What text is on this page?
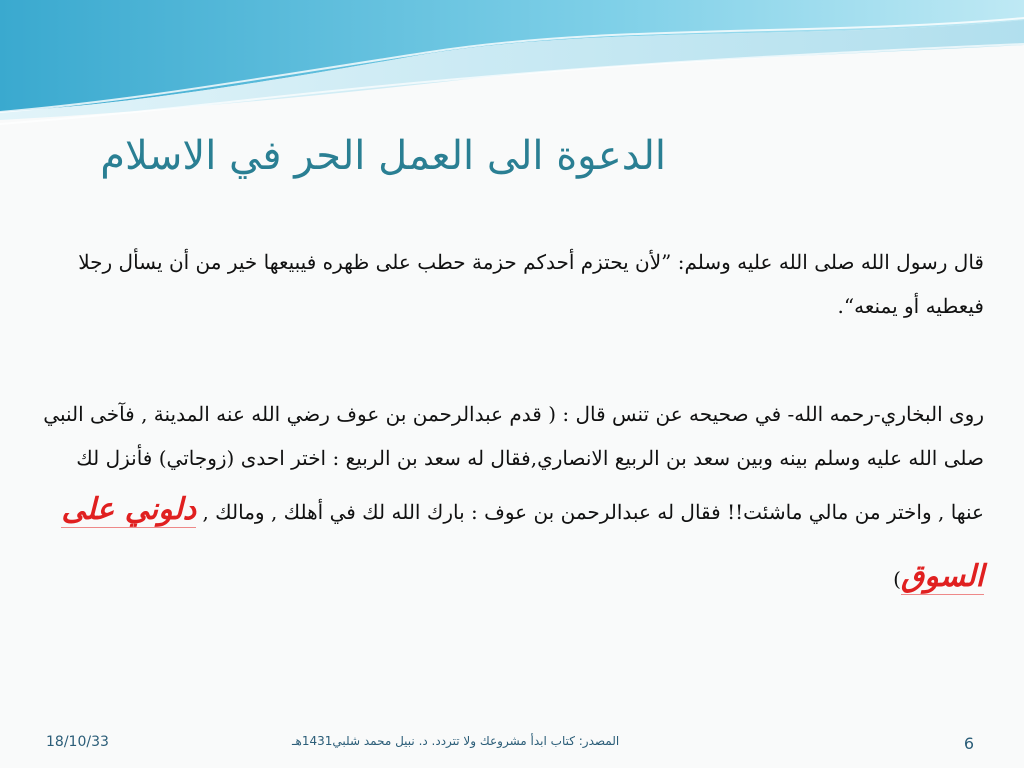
الدعوة الى العمل الحر في الاسلام
قال رسول الله صلى الله عليه وسلم: ”لأن يحتزم أحدكم حزمة حطب على ظهره فيبيعها خير من أن يسأل رجلا فيعطيه أو يمنعه“.
روى البخاري-رحمه الله- في صحيحه عن تنس قال : ( قدم عبدالرحمن بن عوف رضي الله عنه المدينة , فآخى النبي
صلى الله عليه وسلم بينه وبين سعد بن الربيع الانصاري,فقال له سعد بن الربيع : اختر احدى (زوجاتي) فأنزل لك
عنها , واختر من مالي ماشئت!! فقال له عبدالرحمن بن عوف : بارك الله لك في أهلك , ومالك , دلوني على
السوق)
18/10/33	المصدر: كتاب ابدأ مشروعك ولا تتردد. د. نبيل محمد شلبي1431هـ	6
